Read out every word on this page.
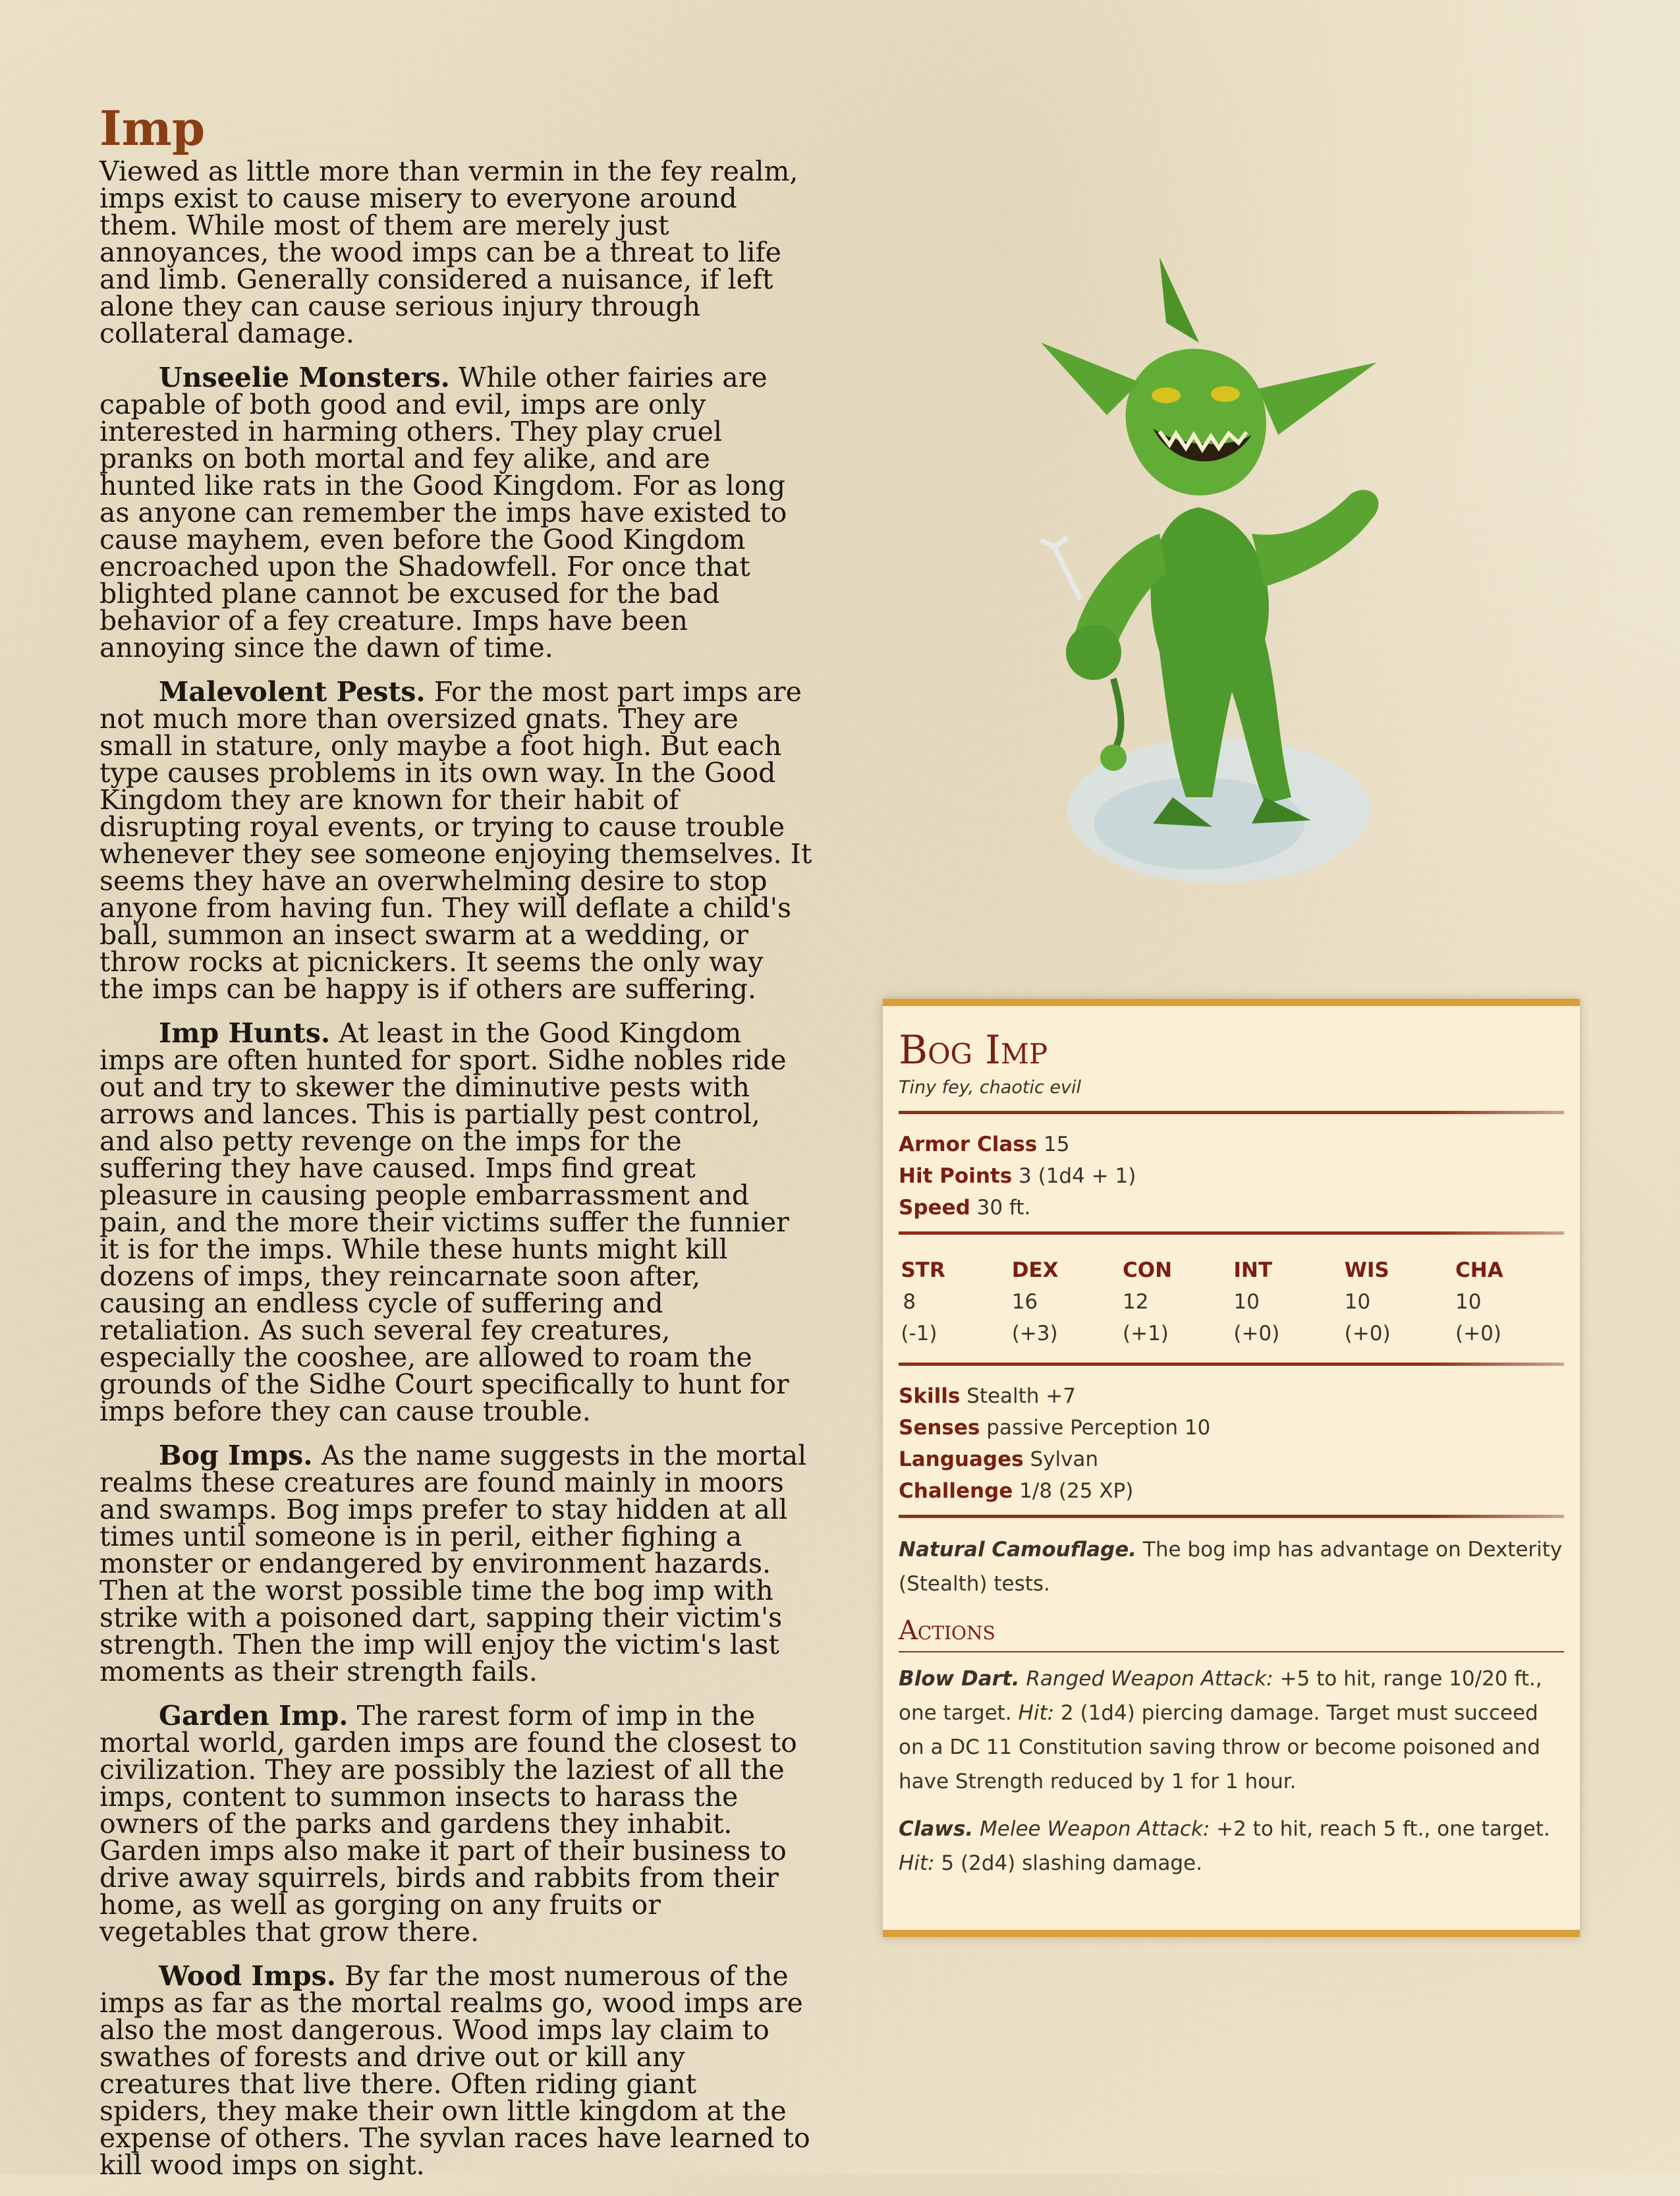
Imp

Viewed as little more than vermin in the fey realm, imps exist to cause misery to everyone around them. While most of them are merely just annoyances, the wood imps can be a threat to life and limb. Generally considered a nuisance, if left alone they can cause serious injury through collateral damage.

Unseelie Monsters. While other fairies are capable of both good and evil, imps are only interested in harming others. They play cruel pranks on both mortal and fey alike, and are hunted like rats in the Good Kingdom. For as long as anyone can remember the imps have existed to cause mayhem, even before the Good Kingdom encroached upon the Shadowfell. For once that blighted plane cannot be excused for the bad behavior of a fey creature. Imps have been annoying since the dawn of time.

Malevolent Pests. For the most part imps are not much more than oversized gnats. They are small in stature, only maybe a foot high. But each type causes problems in its own way. In the Good Kingdom they are known for their habit of disrupting royal events, or trying to cause trouble whenever they see someone enjoying themselves. It seems they have an overwhelming desire to stop anyone from having fun. They will deflate a child's ball, summon an insect swarm at a wedding, or throw rocks at picnickers. It seems the only way the imps can be happy is if others are suffering.

Imp Hunts. At least in the Good Kingdom imps are often hunted for sport. Sidhe nobles ride out and try to skewer the diminutive pests with arrows and lances. This is partially pest control, and also petty revenge on the imps for the suffering they have caused. Imps find great pleasure in causing people embarrassment and pain, and the more their victims suffer the funnier it is for the imps. While these hunts might kill dozens of imps, they reincarnate soon after, causing an endless cycle of suffering and retaliation. As such several fey creatures, especially the cooshee, are allowed to roam the grounds of the Sidhe Court specifically to hunt for imps before they can cause trouble.

Bog Imps. As the name suggests in the mortal realms these creatures are found mainly in moors and swamps. Bog imps prefer to stay hidden at all times until someone is in peril, either fighing a monster or endangered by environment hazards. Then at the worst possible time the bog imp with strike with a poisoned dart, sapping their victim's strength. Then the imp will enjoy the victim's last moments as their strength fails.

Garden Imp. The rarest form of imp in the mortal world, garden imps are found the closest to civilization. They are possibly the laziest of all the imps, content to summon insects to harass the owners of the parks and gardens they inhabit. Garden imps also make it part of their business to drive away squirrels, birds and rabbits from their home, as well as gorging on any fruits or vegetables that grow there.

Wood Imps. By far the most numerous of the imps as far as the mortal realms go, wood imps are also the most dangerous. Wood imps lay claim to swathes of forests and drive out or kill any creatures that live there. Often riding giant spiders, they make their own little kingdom at the expense of others. The syvlan races have learned to kill wood imps on sight.

Bog Imp
Tiny fey, chaotic evil
Armor Class 15
Hit Points 3 (1d4 + 1)
Speed 30 ft.
STR
8 (-1)
DEX
16 (+3)
CON
12 (+1)
INT
10 (+0)
WIS
10 (+0)
CHA
10 (+0)
Skills Stealth +7
Senses passive Perception 10
Languages Sylvan
Challenge 1/8 (25 XP)

Natural Camouflage. The bog imp has advantage on Dexterity (Stealth) tests.

Actions

Blow Dart. Ranged Weapon Attack: +5 to hit, range 10/20 ft., one target. Hit: 2 (1d4) piercing damage. Target must succeed on a DC 11 Constitution saving throw or become poisoned and have Strength reduced by 1 for 1 hour.

Claws. Melee Weapon Attack: +2 to hit, reach 5 ft., one target. Hit: 5 (2d4) slashing damage.
